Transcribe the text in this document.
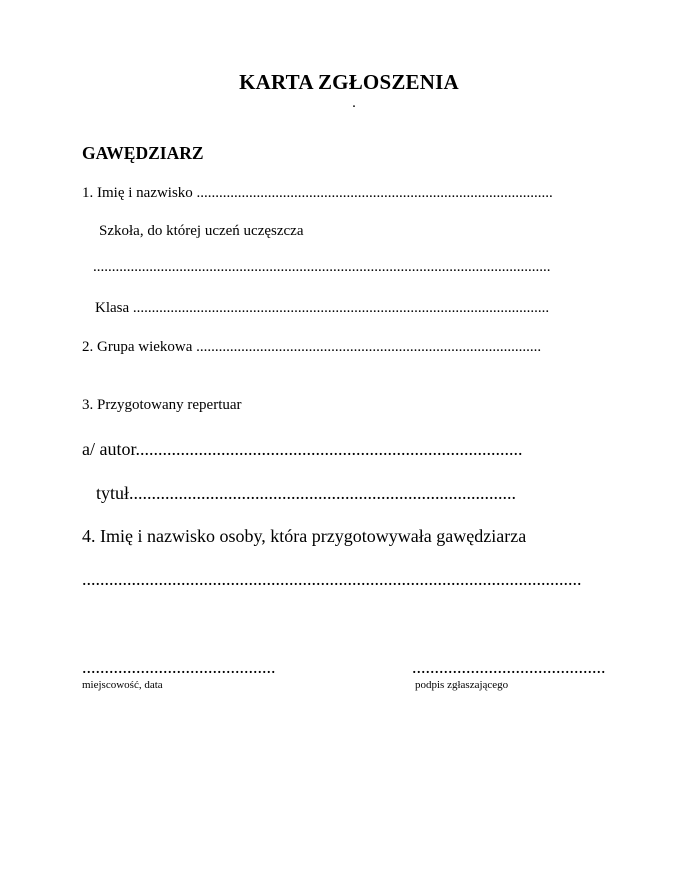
KARTA ZGŁOSZENIA
.
GAWĘDZIARZ
1. Imię i nazwisko ...............................................................................................
Szkoła, do której uczeń uczęszcza
..........................................................................................................................
Klasa ...............................................................................................................
2. Grupa wiekowa ............................................................................................
3. Przygotowany repertuar
a/ autor......................................................................................
tytuł......................................................................................
4. Imię i nazwisko osoby, która przygotowywała gawędziarza
...............................................................................................................
...........................................
miejscowość, data
...........................................
podpis zgłaszającego
